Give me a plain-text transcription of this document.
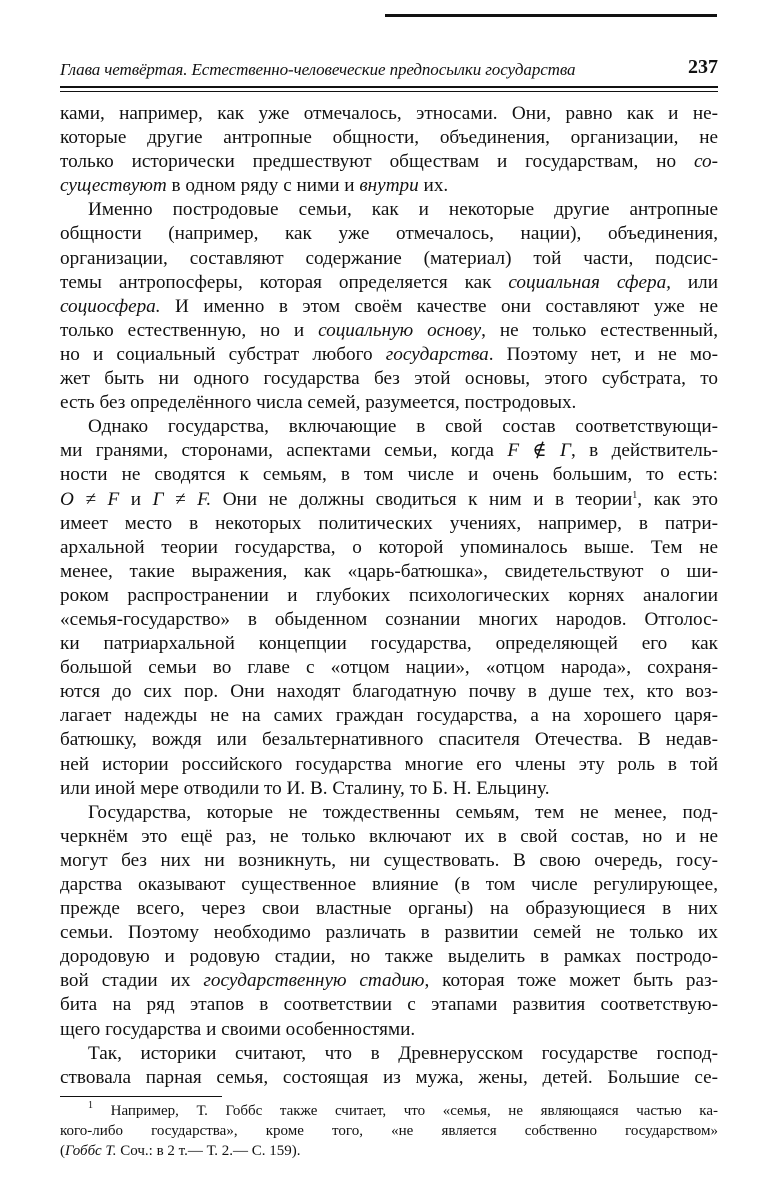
Глава четвёртая. Естественно-человеческие предпосылки государства	237
ками, например, как уже отмечалось, этносами. Они, равно как и не-
которые другие антропные общности, объединения, организации, не
только исторически предшествуют обществам и государствам, но со-
существуют в одном ряду с ними и внутри их.
Именно постродовые семьи, как и некоторые другие антропные
общности (например, как уже отмечалось, нации), объединения,
организации, составляют содержание (материал) той части, подсис-
темы антропосферы, которая определяется как социальная сфера, или
социосфера. И именно в этом своём качестве они составляют уже не
только естественную, но и социальную основу, не только естественный,
но и социальный субстрат любого государства. Поэтому нет, и не мо-
жет быть ни одного государства без этой основы, этого субстрата, то
есть без определённого числа семей, разумеется, постродовых.
Однако государства, включающие в свой состав соответствующи-
ми гранями, сторонами, аспектами семьи, когда F ∉ Г, в действитель-
ности не сводятся к семьям, в том числе и очень большим, то есть:
О ≠ F и Г ≠ F. Они не должны сводиться к ним и в теории$^1$, как это
имеет место в некоторых политических учениях, например, в патри-
архальной теории государства, о которой упоминалось выше. Тем не
менее, такие выражения, как «царь-батюшка», свидетельствуют о ши-
роком распространении и глубоких психологических корнях аналогии
«семья-государство» в обыденном сознании многих народов. Отголос-
ки патриархальной концепции государства, определяющей его как
большой семьи во главе с «отцом нации», «отцом народа», сохраня-
ются до сих пор. Они находят благодатную почву в душе тех, кто воз-
лагает надежды не на самих граждан государства, а на хорошего царя-
батюшку, вождя или безальтернативного спасителя Отечества. В недав-
ней истории российского государства многие его члены эту роль в той
или иной мере отводили то И. В. Сталину, то Б. Н. Ельцину.
Государства, которые не тождественны семьям, тем не менее, под-
черкнём это ещё раз, не только включают их в свой состав, но и не
могут без них ни возникнуть, ни существовать. В свою очередь, госу-
дарства оказывают существенное влияние (в том числе регулирующее,
прежде всего, через свои властные органы) на образующиеся в них
семьи. Поэтому необходимо различать в развитии семей не только их
дородовую и родовую стадии, но также выделить в рамках постродо-
вой стадии их государственную стадию, которая тоже может быть раз-
бита на ряд этапов в соответствии с этапами развития соответствую-
щего государства и своими особенностями.
Так, историки считают, что в Древнерусском государстве господ-
ствовала парная семья, состоящая из мужа, жены, детей. Большие се-
$^1$ Например, Т. Гоббс также считает, что «семья, не являющаяся частью ка-
кого-либо государства», кроме того, «не является собственно государством»
(Гоббс Т. Соч.: в 2 т.— Т. 2.— С. 159).
